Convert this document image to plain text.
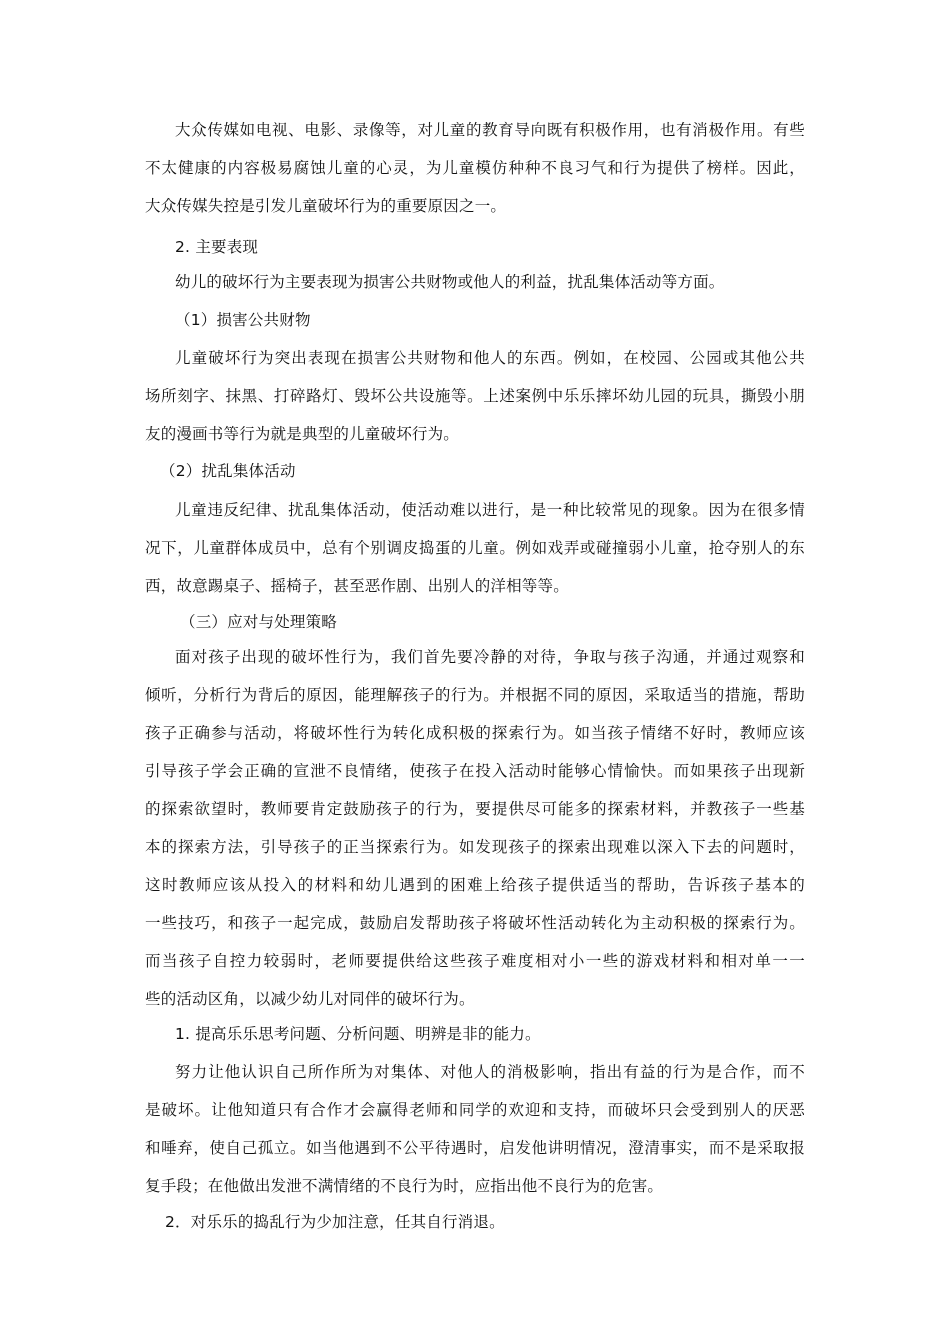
大众传媒如电视、电影、录像等，对儿童的教育导向既有积极作用，也有消极作用。有些
不太健康的内容极易腐蚀儿童的心灵，为儿童模仿种种不良习气和行为提供了榜样。因此，
大众传媒失控是引发儿童破坏行为的重要原因之一。
2. 主要表现
幼儿的破坏行为主要表现为损害公共财物或他人的利益，扰乱集体活动等方面。
（1）损害公共财物
儿童破坏行为突出表现在损害公共财物和他人的东西。例如，在校园、公园或其他公共
场所刻字、抹黑、打碎路灯、毁坏公共设施等。上述案例中乐乐摔坏幼儿园的玩具，撕毁小朋
友的漫画书等行为就是典型的儿童破坏行为。
（2）扰乱集体活动
儿童违反纪律、扰乱集体活动，使活动难以进行，是一种比较常见的现象。因为在很多情
况下，儿童群体成员中，总有个别调皮捣蛋的儿童。例如戏弄或碰撞弱小儿童，抢夺别人的东
西，故意踢桌子、摇椅子，甚至恶作剧、出别人的洋相等等。
（三）应对与处理策略
面对孩子出现的破坏性行为，我们首先要冷静的对待，争取与孩子沟通，并通过观察和
倾听，分析行为背后的原因，能理解孩子的行为。并根据不同的原因，采取适当的措施，帮助
孩子正确参与活动，将破坏性行为转化成积极的探索行为。如当孩子情绪不好时，教师应该
引导孩子学会正确的宣泄不良情绪，使孩子在投入活动时能够心情愉快。而如果孩子出现新
的探索欲望时，教师要肯定鼓励孩子的行为，要提供尽可能多的探索材料，并教孩子一些基
本的探索方法，引导孩子的正当探索行为。如发现孩子的探索出现难以深入下去的问题时，
这时教师应该从投入的材料和幼儿遇到的困难上给孩子提供适当的帮助，告诉孩子基本的
一些技巧，和孩子一起完成，鼓励启发帮助孩子将破坏性活动转化为主动积极的探索行为。
而当孩子自控力较弱时，老师要提供给这些孩子难度相对小一些的游戏材料和相对单一一
些的活动区角，以减少幼儿对同伴的破坏行为。
1. 提高乐乐思考问题、分析问题、明辨是非的能力。
努力让他认识自己所作所为对集体、对他人的消极影响，指出有益的行为是合作，而不
是破坏。让他知道只有合作才会赢得老师和同学的欢迎和支持，而破坏只会受到别人的厌恶
和唾弃，使自己孤立。如当他遇到不公平待遇时，启发他讲明情况，澄清事实，而不是采取报
复手段；在他做出发泄不满情绪的不良行为时，应指出他不良行为的危害。
2．对乐乐的捣乱行为少加注意，任其自行消退。
